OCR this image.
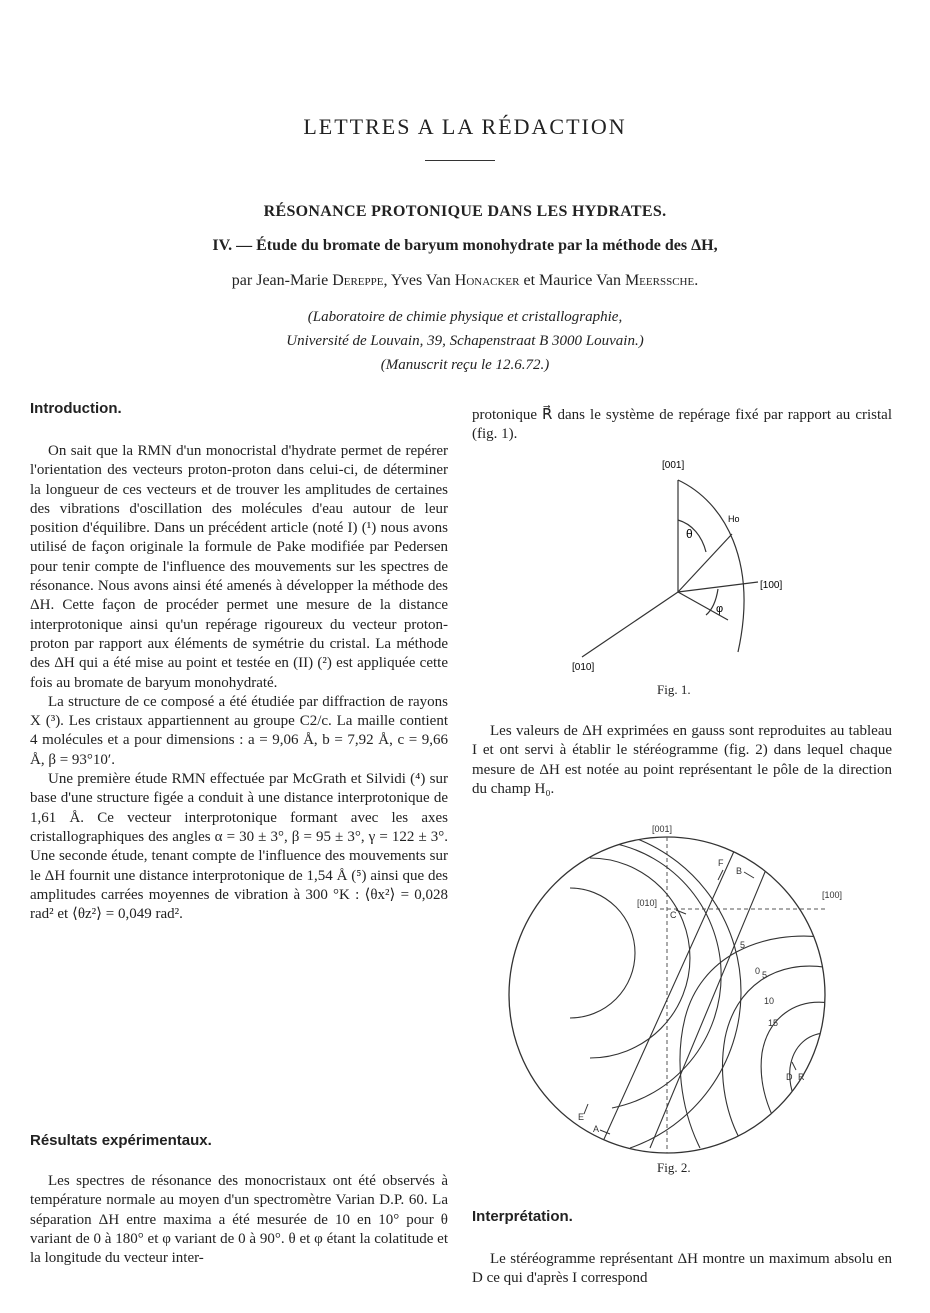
LETTRES A LA RÉDACTION
RÉSONANCE PROTONIQUE DANS LES HYDRATES.
IV. — Étude du bromate de baryum monohydrate par la méthode des ΔH,
par Jean-Marie Dereppe, Yves Van Honacker et Maurice Van Meerssche.
(Laboratoire de chimie physique et cristallographie,
Université de Louvain, 39, Schapenstraat B 3000 Louvain.)
(Manuscrit reçu le 12.6.72.)
Introduction.

On sait que la RMN d'un monocristal d'hydrate permet de repérer l'orientation des vecteurs proton-proton dans celui-ci, de déterminer la longueur de ces vecteurs et de trouver les amplitudes de certaines des vibrations d'oscillation des molécules d'eau autour de leur position d'équilibre. Dans un précédent article (noté I) (¹) nous avons utilisé de façon originale la formule de Pake modifiée par Pedersen pour tenir compte de l'influence des mouvements sur les spectres de résonance. Nous avons ainsi été amenés à développer la méthode des ΔH. Cette façon de procéder permet une mesure de la distance interprotonique ainsi qu'un repérage rigoureux du vecteur proton-proton par rapport aux éléments de symétrie du cristal. La méthode des ΔH qui a été mise au point et testée en (II) (²) est appliquée cette fois au bromate de baryum monohydraté.

La structure de ce composé a été étudiée par diffraction de rayons X (³). Les cristaux appartiennent au groupe C2/c. La maille contient 4 molécules et a pour dimensions : a = 9,06 Å, b = 7,92 Å, c = 9,66 Å, β = 93°10′.

Une première étude RMN effectuée par McGrath et Silvidi (⁴) sur base d'une structure figée a conduit à une distance interprotonique de 1,61 Å. Ce vecteur interprotonique formant avec les axes cristallographiques des angles α = 30 ± 3°, β = 95 ± 3°, γ = 122 ± 3°. Une seconde étude, tenant compte de l'influence des mouvements sur le ΔH fournit une distance interprotonique de 1,54 Å (⁵) ainsi que des amplitudes carrées moyennes de vibration à 300 °K : ⟨θx²⟩ = 0,028 rad² et ⟨θz²⟩ = 0,049 rad².

Résultats expérimentaux.

Les spectres de résonance des monocristaux ont été observés à température normale au moyen d'un spectromètre Varian D.P. 60. La séparation ΔH entre maxima a été mesurée de 10 en 10° pour θ variant de 0 à 180° et φ variant de 0 à 90°. θ et φ étant la colatitude et la longitude du vecteur inter-

protonique R⃗ dans le système de repérage fixé par rapport au cristal (fig. 1).

[001]
[100]
[010]
Ho
θ
φ
Fig. 1.

Les valeurs de ΔH exprimées en gauss sont reproduites au tableau I et ont servi à établir le stéréogramme (fig. 2) dans lequel chaque mesure de ΔH est notée au point représentant le pôle de la direction du champ H₀.

[001]
[100]
[010]
F
B
C
D R
E
A
5
0 5
10
15
Fig. 2.
Interprétation.

Le stéréogramme représentant ΔH montre un maximum absolu en D ce qui d'après I correspond
